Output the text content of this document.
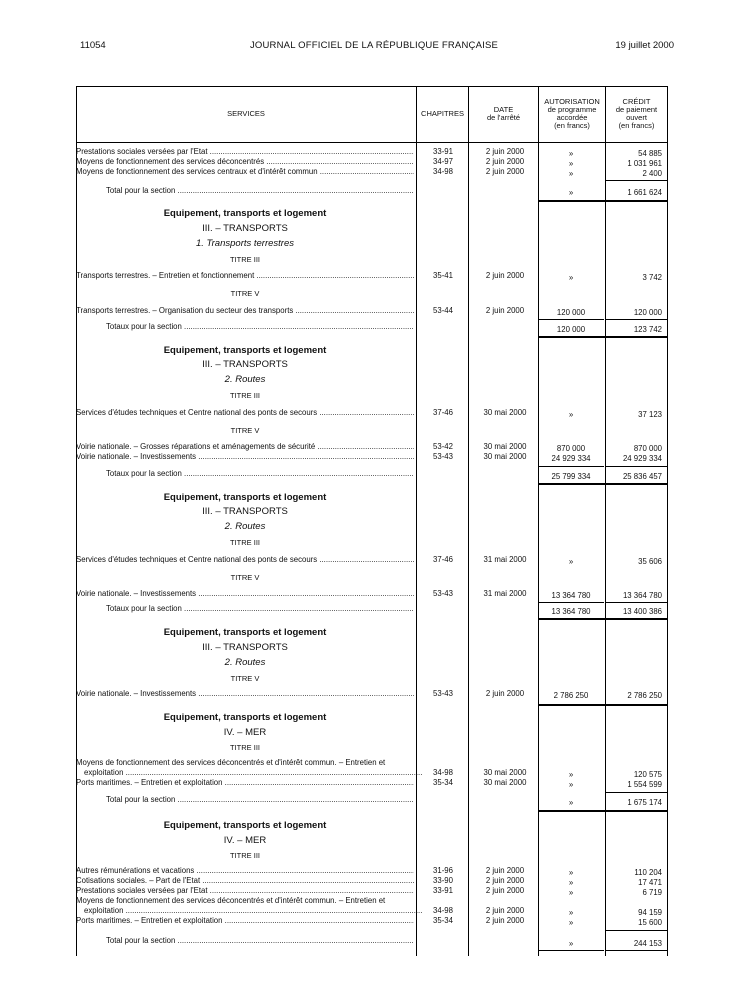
11054	JOURNAL OFFICIEL DE LA RÉPUBLIQUE FRANÇAISE	19 juillet 2000
SERVICES	CHAPITRES	DATE
de l'arrêté
AUTORISATION
de programme
accordée
(en francs)
CRÉDIT
de paiement
ouvert
(en francs)
Prestations sociales versées par l'Etat .....	33-91	2 juin 2000	»	54 885
Moyens de fonctionnement des services déconcentrés .....	34-97	2 juin 2000	»	1 031 961
Moyens de fonctionnement des services centraux et d'intérêt commun .....	34-98	2 juin 2000	»	2 400
Total pour la section .....	»	1 661 624
Equipement, transports et logement
III. – TRANSPORTS
1. Transports terrestres
TITRE III
Transports terrestres. – Entretien et fonctionnement .....	35-41	2 juin 2000	»	3 742
TITRE V
Transports terrestres. – Organisation du secteur des transports .....	53-44	2 juin 2000	120 000	120 000
Totaux pour la section .....	120 000	123 742
Equipement, transports et logement
III. – TRANSPORTS
2. Routes
TITRE III
Services d'études techniques et Centre national des ponts de secours .....	37-46	30 mai 2000	»	37 123
TITRE V
Voirie nationale. – Grosses réparations et aménagements de sécurité .....	53-42	30 mai 2000	870 000	870 000
Voirie nationale. – Investissements .....	53-43	30 mai 2000	24 929 334	24 929 334
Totaux pour la section .....	25 799 334	25 836 457
Equipement, transports et logement
III. – TRANSPORTS
2. Routes
TITRE III
Services d'études techniques et Centre national des ponts de secours .....	37-46	31 mai 2000	»	35 606
TITRE V
Voirie nationale. – Investissements .....	53-43	31 mai 2000	13 364 780	13 364 780
Totaux pour la section .....	13 364 780	13 400 386
Equipement, transports et logement
III. – TRANSPORTS
2. Routes
TITRE V
Voirie nationale. – Investissements .....	53-43	2 juin 2000	2 786 250	2 786 250
Equipement, transports et logement
IV. – MER
TITRE III
Moyens de fonctionnement des services déconcentrés et d'intérêt commun. – Entretien et
exploitation .....	34-98	30 mai 2000	»	120 575
Ports maritimes. – Entretien et exploitation .....	35-34	30 mai 2000	»	1 554 599
Total pour la section .....	»	1 675 174
Equipement, transports et logement
IV. – MER
TITRE III
Autres rémunérations et vacations .....	31-96	2 juin 2000	»	110 204
Cotisations sociales. – Part de l'Etat .....	33-90	2 juin 2000	»	17 471
Prestations sociales versées par l'Etat .....	33-91	2 juin 2000	»	6 719
Moyens de fonctionnement des services déconcentrés et d'intérêt commun. – Entretien et
exploitation .....	34-98	2 juin 2000	»	94 159
Ports maritimes. – Entretien et exploitation .....	35-34	2 juin 2000	»	15 600
Total pour la section .....	»	244 153
